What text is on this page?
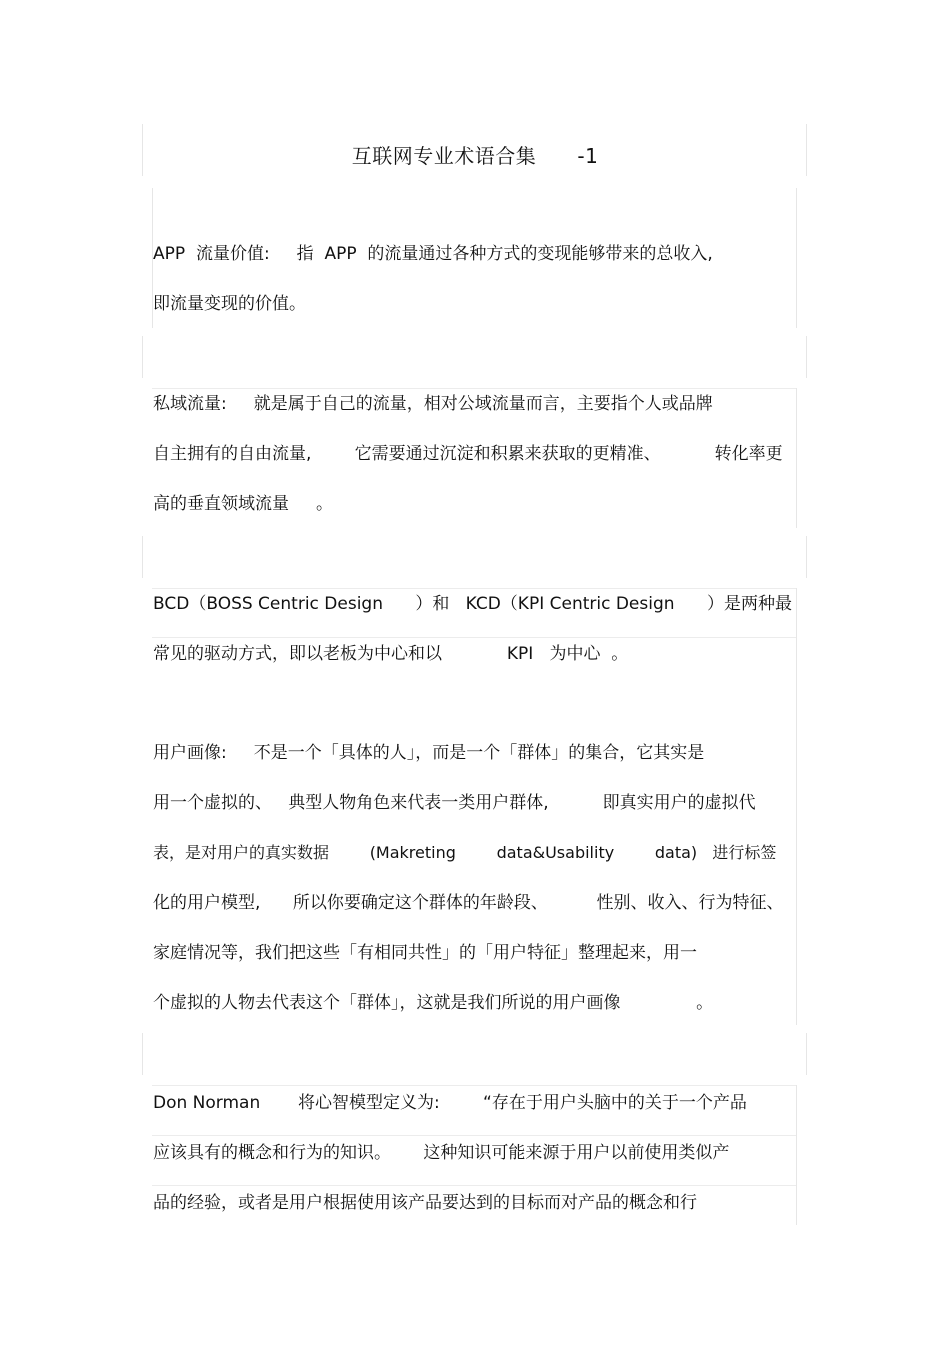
互联网专业术语合集      -1
APP  流量价值:     指  APP  的流量通过各种方式的变现能够带来的总收入,
即流量变现的价值。
私域流量:     就是属于自己的流量，相对公域流量而言，主要指个人或品牌
自主拥有的自由流量,        它需要通过沉淀和积累来获取的更精准、          转化率更
高的垂直领域流量     。
BCD（BOSS Centric Design      ）和   KCD（KPI Centric Design      ）是两种最
常见的驱动方式，即以老板为中心和以            KPI   为中心  。
用户画像:     不是一个「具体的人」，而是一个「群体」的集合，它其实是
用一个虚拟的、   典型人物角色来代表一类用户群体,          即真实用户的虚拟代
表，是对用户的真实数据        (Makreting        data&Usability        data)   进行标签
化的用户模型,      所以你要确定这个群体的年龄段、         性别、收入、行为特征、
家庭情况等，我们把这些「有相同共性」的「用户特征」整理起来，用一
个虚拟的人物去代表这个「群体」，这就是我们所说的用户画像              。
Don Norman       将心智模型定义为:        “存在于用户头脑中的关于一个产品
应该具有的概念和行为的知识。      这种知识可能来源于用户以前使用类似产
品的经验，或者是用户根据使用该产品要达到的目标而对产品的概念和行
